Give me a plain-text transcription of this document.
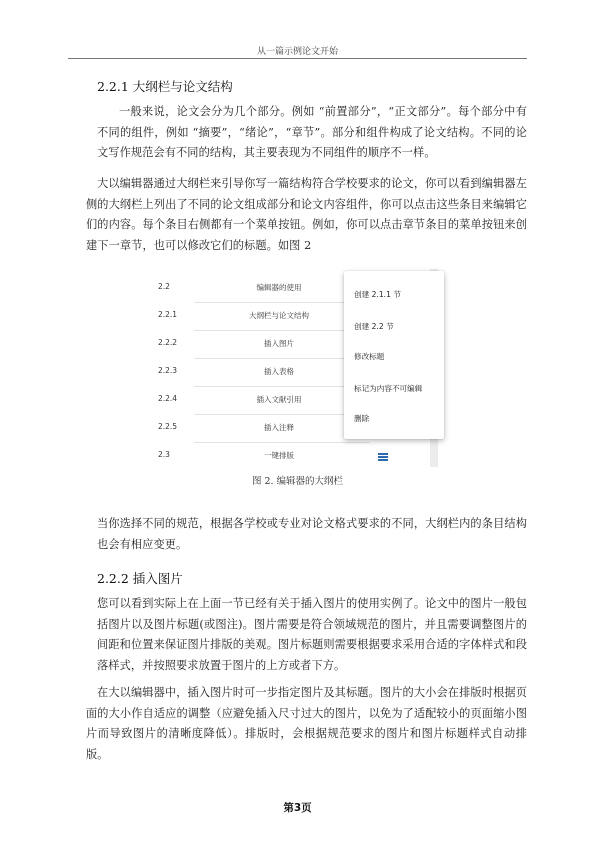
从一篇示例论文开始
2.2.1 大纲栏与论文结构

一般来说，论文会分为几个部分。例如 “前置部分”，“正文部分”。每个部分中有不同的组件，例如 “摘要”，“绪论”，“章节”。部分和组件构成了论文结构。不同的论文写作规范会有不同的结构，其主要表现为不同组件的顺序不一样。

大以编辑器通过大纲栏来引导你写一篇结构符合学校要求的论文，你可以看到编辑器左侧的大纲栏上列出了不同的论文组成部分和论文内容组件，你可以点击这些条目来编辑它们的内容。每个条目右侧都有一个菜单按钮。例如，你可以点击章节条目的菜单按钮来创建下一章节，也可以修改它们的标题。如图 2

2.2	编辑器的使用
2.2.1	大纲栏与论文结构
2.2.2	插入图片
2.2.3	插入表格
2.2.4	插入文献引用
2.2.5	插入注释
2.3	一键排版
创建 2.1.1 节
创建 2.2 节
修改标题
标记为内容不可编辑
删除
图 2. 编辑器的大纲栏

当你选择不同的规范，根据各学校或专业对论文格式要求的不同，大纲栏内的条目结构也会有相应变更。

2.2.2 插入图片

您可以看到实际上在上面一节已经有关于插入图片的使用实例了。论文中的图片一般包括图片以及图片标题(或图注)。图片需要是符合领域规范的图片，并且需要调整图片的间距和位置来保证图片排版的美观。图片标题则需要根据要求采用合适的字体样式和段落样式，并按照要求放置于图片的上方或者下方。

在大以编辑器中，插入图片时可一步指定图片及其标题。图片的大小会在排版时根据页面的大小作自适应的调整（应避免插入尺寸过大的图片，以免为了适配较小的页面缩小图片而导致图片的清晰度降低）。排版时，会根据规范要求的图片和图片标题样式自动排版。

第3页
